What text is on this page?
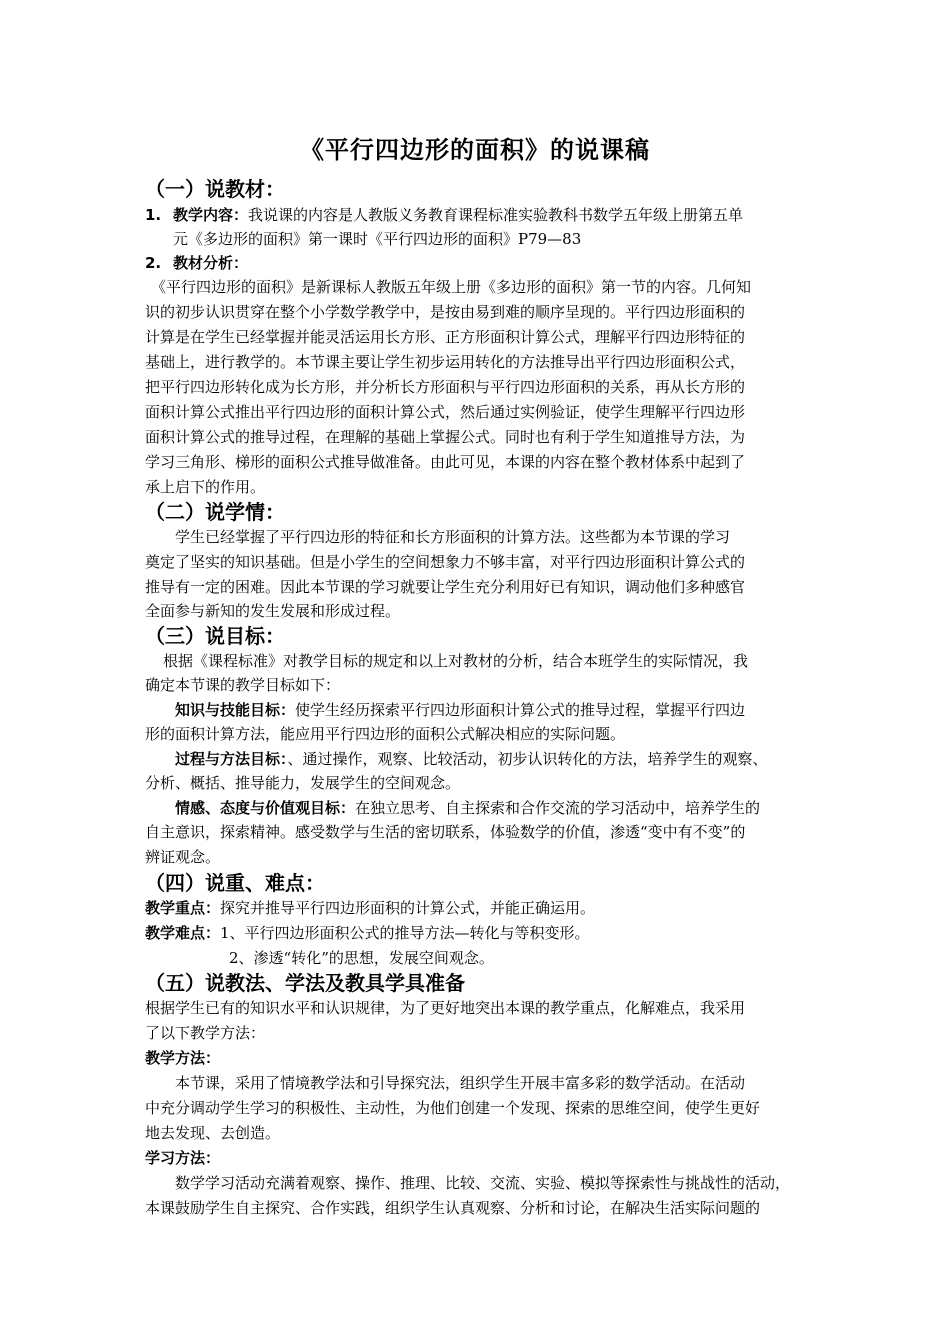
《平行四边形的面积》的说课稿
（一）说教材：
1. 教学内容：我说课的内容是人教版义务教育课程标准实验教科书数学五年级上册第五单
元《多边形的面积》第一课时《平行四边形的面积》P79—83
2. 教材分析：
《平行四边形的面积》是新课标人教版五年级上册《多边形的面积》第一节的内容。几何知
识的初步认识贯穿在整个小学数学教学中，是按由易到难的顺序呈现的。平行四边形面积的
计算是在学生已经掌握并能灵活运用长方形、正方形面积计算公式，理解平行四边形特征的
基础上，进行教学的。本节课主要让学生初步运用转化的方法推导出平行四边形面积公式，
把平行四边形转化成为长方形，并分析长方形面积与平行四边形面积的关系，再从长方形的
面积计算公式推出平行四边形的面积计算公式，然后通过实例验证，使学生理解平行四边形
面积计算公式的推导过程，在理解的基础上掌握公式。同时也有利于学生知道推导方法，为
学习三角形、梯形的面积公式推导做准备。由此可见，本课的内容在整个教材体系中起到了
承上启下的作用。
（二）说学情：
学生已经掌握了平行四边形的特征和长方形面积的计算方法。这些都为本节课的学习
奠定了坚实的知识基础。但是小学生的空间想象力不够丰富，对平行四边形面积计算公式的
推导有一定的困难。因此本节课的学习就要让学生充分利用好已有知识，调动他们多种感官
全面参与新知的发生发展和形成过程。
（三）说目标：
根据《课程标准》对教学目标的规定和以上对教材的分析，结合本班学生的实际情况，我
确定本节课的教学目标如下：
知识与技能目标：使学生经历探索平行四边形面积计算公式的推导过程，掌握平行四边
形的面积计算方法，能应用平行四边形的面积公式解决相应的实际问题。
过程与方法目标：、通过操作，观察、比较活动，初步认识转化的方法，培养学生的观察、
分析、概括、推导能力，发展学生的空间观念。
情感、态度与价值观目标：在独立思考、自主探索和合作交流的学习活动中，培养学生的
自主意识，探索精神。感受数学与生活的密切联系，体验数学的价值，渗透“变中有不变”的
辨证观念。
（四）说重、难点：
教学重点：探究并推导平行四边形面积的计算公式，并能正确运用。
教学难点：1、平行四边形面积公式的推导方法—转化与等积变形。
2、渗透“转化”的思想，发展空间观念。
（五）说教法、学法及教具学具准备
根据学生已有的知识水平和认识规律，为了更好地突出本课的教学重点，化解难点，我采用
了以下教学方法：
教学方法：
本节课，采用了情境教学法和引导探究法，组织学生开展丰富多彩的数学活动。在活动
中充分调动学生学习的积极性、主动性，为他们创建一个发现、探索的思维空间，使学生更好
地去发现、去创造。
学习方法：
数学学习活动充满着观察、操作、推理、比较、交流、实验、模拟等探索性与挑战性的活动，
本课鼓励学生自主探究、合作实践，组织学生认真观察、分析和讨论，在解决生活实际问题的
